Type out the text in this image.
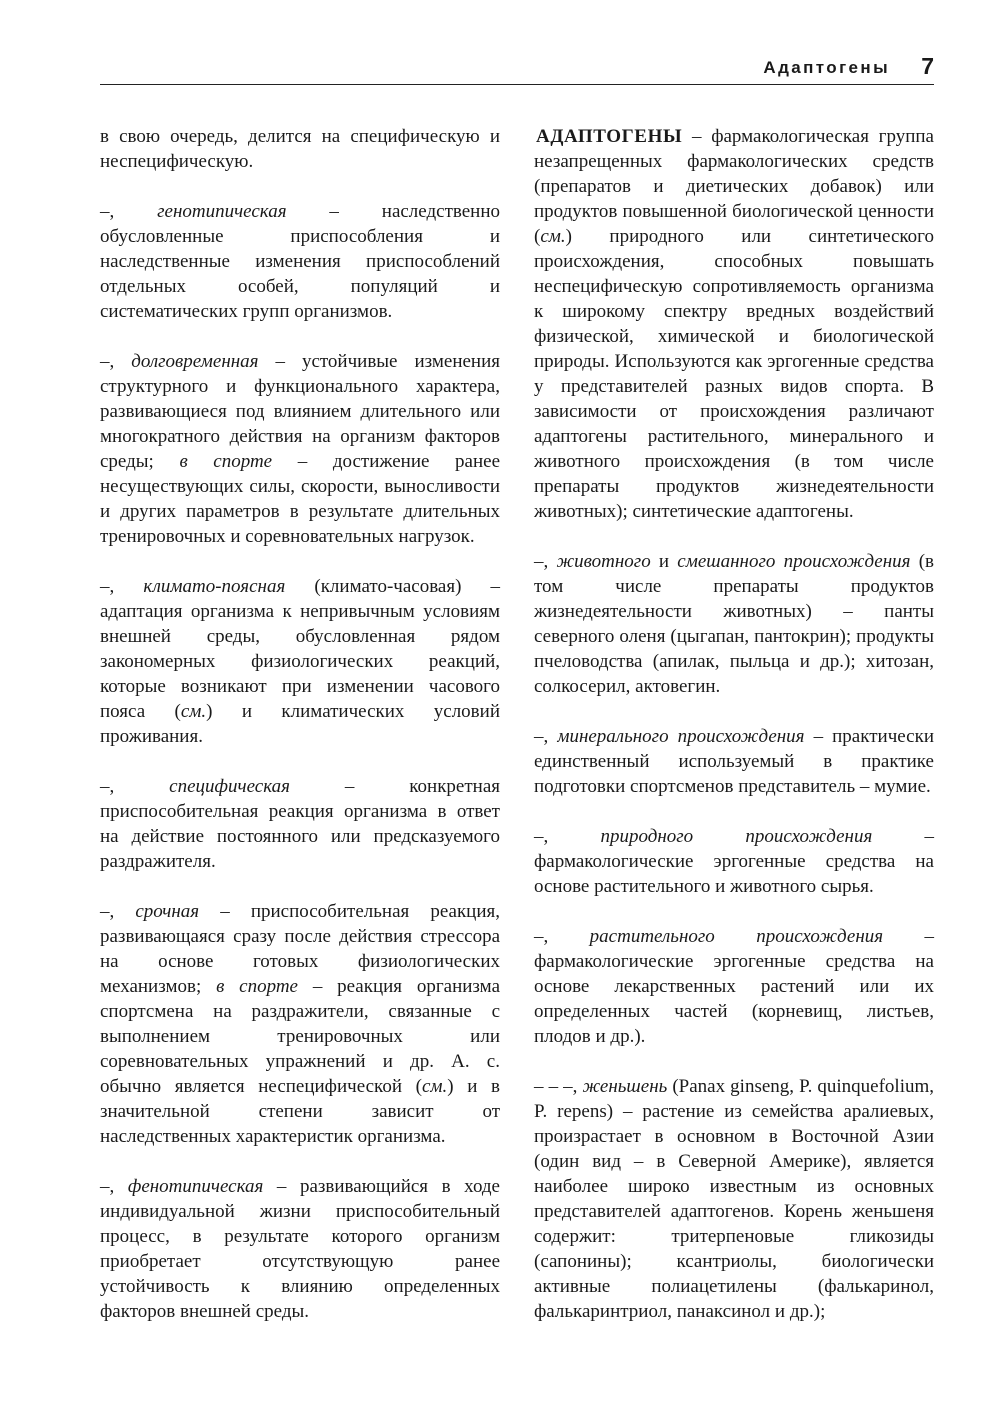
Адаптогены 7

в свою очередь, делится на специфическую и неспецифическую.

–, генотипическая – наследственно обусловленные приспособления и наследственные изменения приспособлений отдельных особей, популяций и систематических групп организмов.

–, долговременная – устойчивые изменения структурного и функционального характера, развивающиеся под влиянием длительного или многократного действия на организм факторов среды; в спорте – достижение ранее несуществующих силы, скорости, выносливости и других параметров в результате длительных тренировочных и соревновательных нагрузок.

–, климато-поясная (климато-часовая) – адаптация организма к непривычным условиям внешней среды, обусловленная рядом закономерных физиологических реакций, которые возникают при изменении часового пояса (см.) и климатических условий проживания.

–, специфическая – конкретная приспособительная реакция организма в ответ на действие постоянного или предсказуемого раздражителя.

–, срочная – приспособительная реакция, развивающаяся сразу после действия стрессора на основе готовых физиологических механизмов; в спорте – реакция организма спортсмена на раздражители, связанные с выполнением тренировочных или соревновательных упражнений и др. А. с. обычно является неспецифической (см.) и в значительной степени зависит от наследственных характеристик организма.

–, фенотипическая – развивающийся в ходе индивидуальной жизни приспособительный процесс, в результате которого организм приобретает отсутствующую ранее устойчивость к влиянию определенных факторов внешней среды.

АДАПТОГЕНЫ – фармакологическая группа незапрещенных фармакологических средств (препаратов и диетических добавок) или продуктов повышенной биологической ценности (см.) природного или синтетического происхождения, способных повышать неспецифическую сопротивляемость организма к широкому спектру вредных воздействий физической, химической и биологической природы. Используются как эргогенные средства у представителей разных видов спорта. В зависимости от происхождения различают адаптогены растительного, минерального и животного происхождения (в том числе препараты продуктов жизнедеятельности животных); синтетические адаптогены.

–, животного и смешанного происхождения (в том числе препараты продуктов жизнедеятельности животных) – панты северного оленя (цыгапан, пантокрин); продукты пчеловодства (апилак, пыльца и др.); хитозан, солкосерил, актовегин.

–, минерального происхождения – практически единственный используемый в практике подготовки спортсменов представитель – мумие.

–, природного происхождения – фармакологические эргогенные средства на основе растительного и животного сырья.

–, растительного происхождения – фармакологические эргогенные средства на основе лекарственных растений или их определенных частей (корневищ, листьев, плодов и др.).

– – –, женьшень (Panax ginseng, P. quinquefolium, P. repens) – растение из семейства аралиевых, произрастает в основном в Восточной Азии (один вид – в Северной Америке), является наиболее широко известным из основных представителей адаптогенов. Корень женьшеня содержит: тритерпеновые гликозиды (сапонины); ксантриолы, биологически активные полиацетилены (фалькаринол, фалькаринтриол, панаксинол и др.);
